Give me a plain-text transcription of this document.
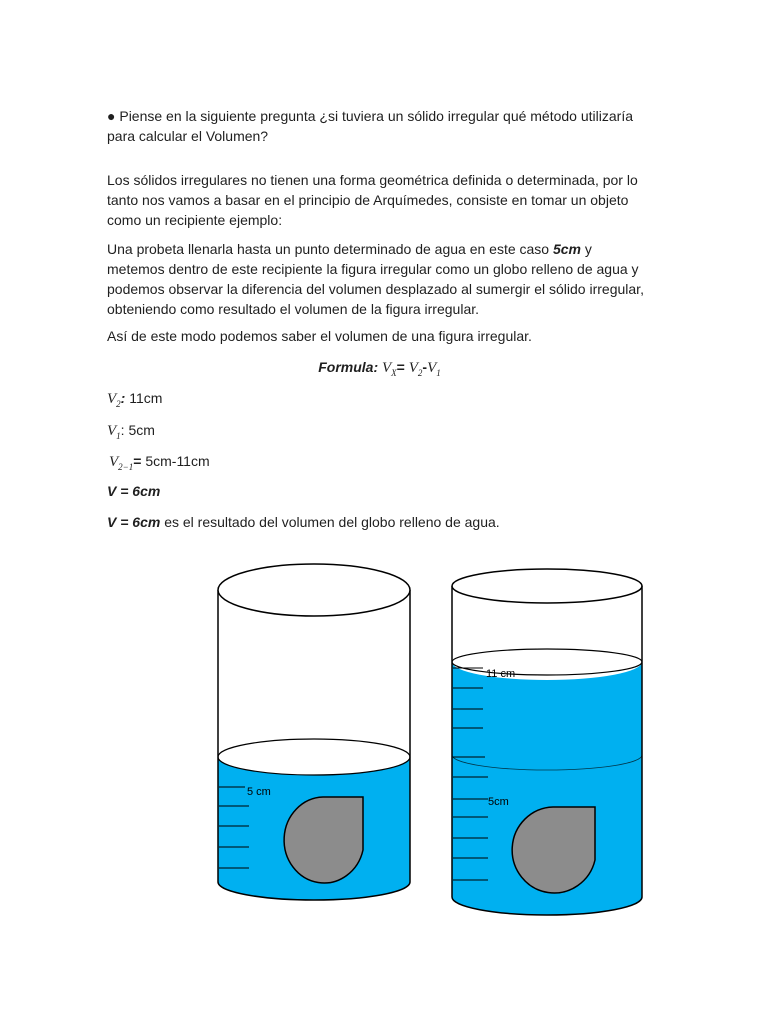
● Piense en la siguiente pregunta ¿si tuviera un sólido irregular qué método utilizaría para calcular el Volumen?

Los sólidos irregulares no tienen una forma geométrica definida o determinada, por lo tanto nos vamos a basar en el principio de Arquímedes, consiste en tomar un objeto como un recipiente ejemplo:

Una probeta llenarla hasta un punto determinado de agua en este caso 5cm y metemos dentro de este recipiente la figura irregular como un globo relleno de agua y podemos observar la diferencia del volumen desplazado al sumergir el sólido irregular, obteniendo como resultado el volumen de la figura irregular.

Así de este modo podemos saber el volumen de una figura irregular.

Formula: $V_X= V_2-V_1$

$V_2$: 11cm

$V_1$: 5cm

$V_{2-1}= 5cm-11cm$

V = 6cm

V = 6cm es el resultado del volumen del globo relleno de agua.

5 cm
11 cm
5cm
